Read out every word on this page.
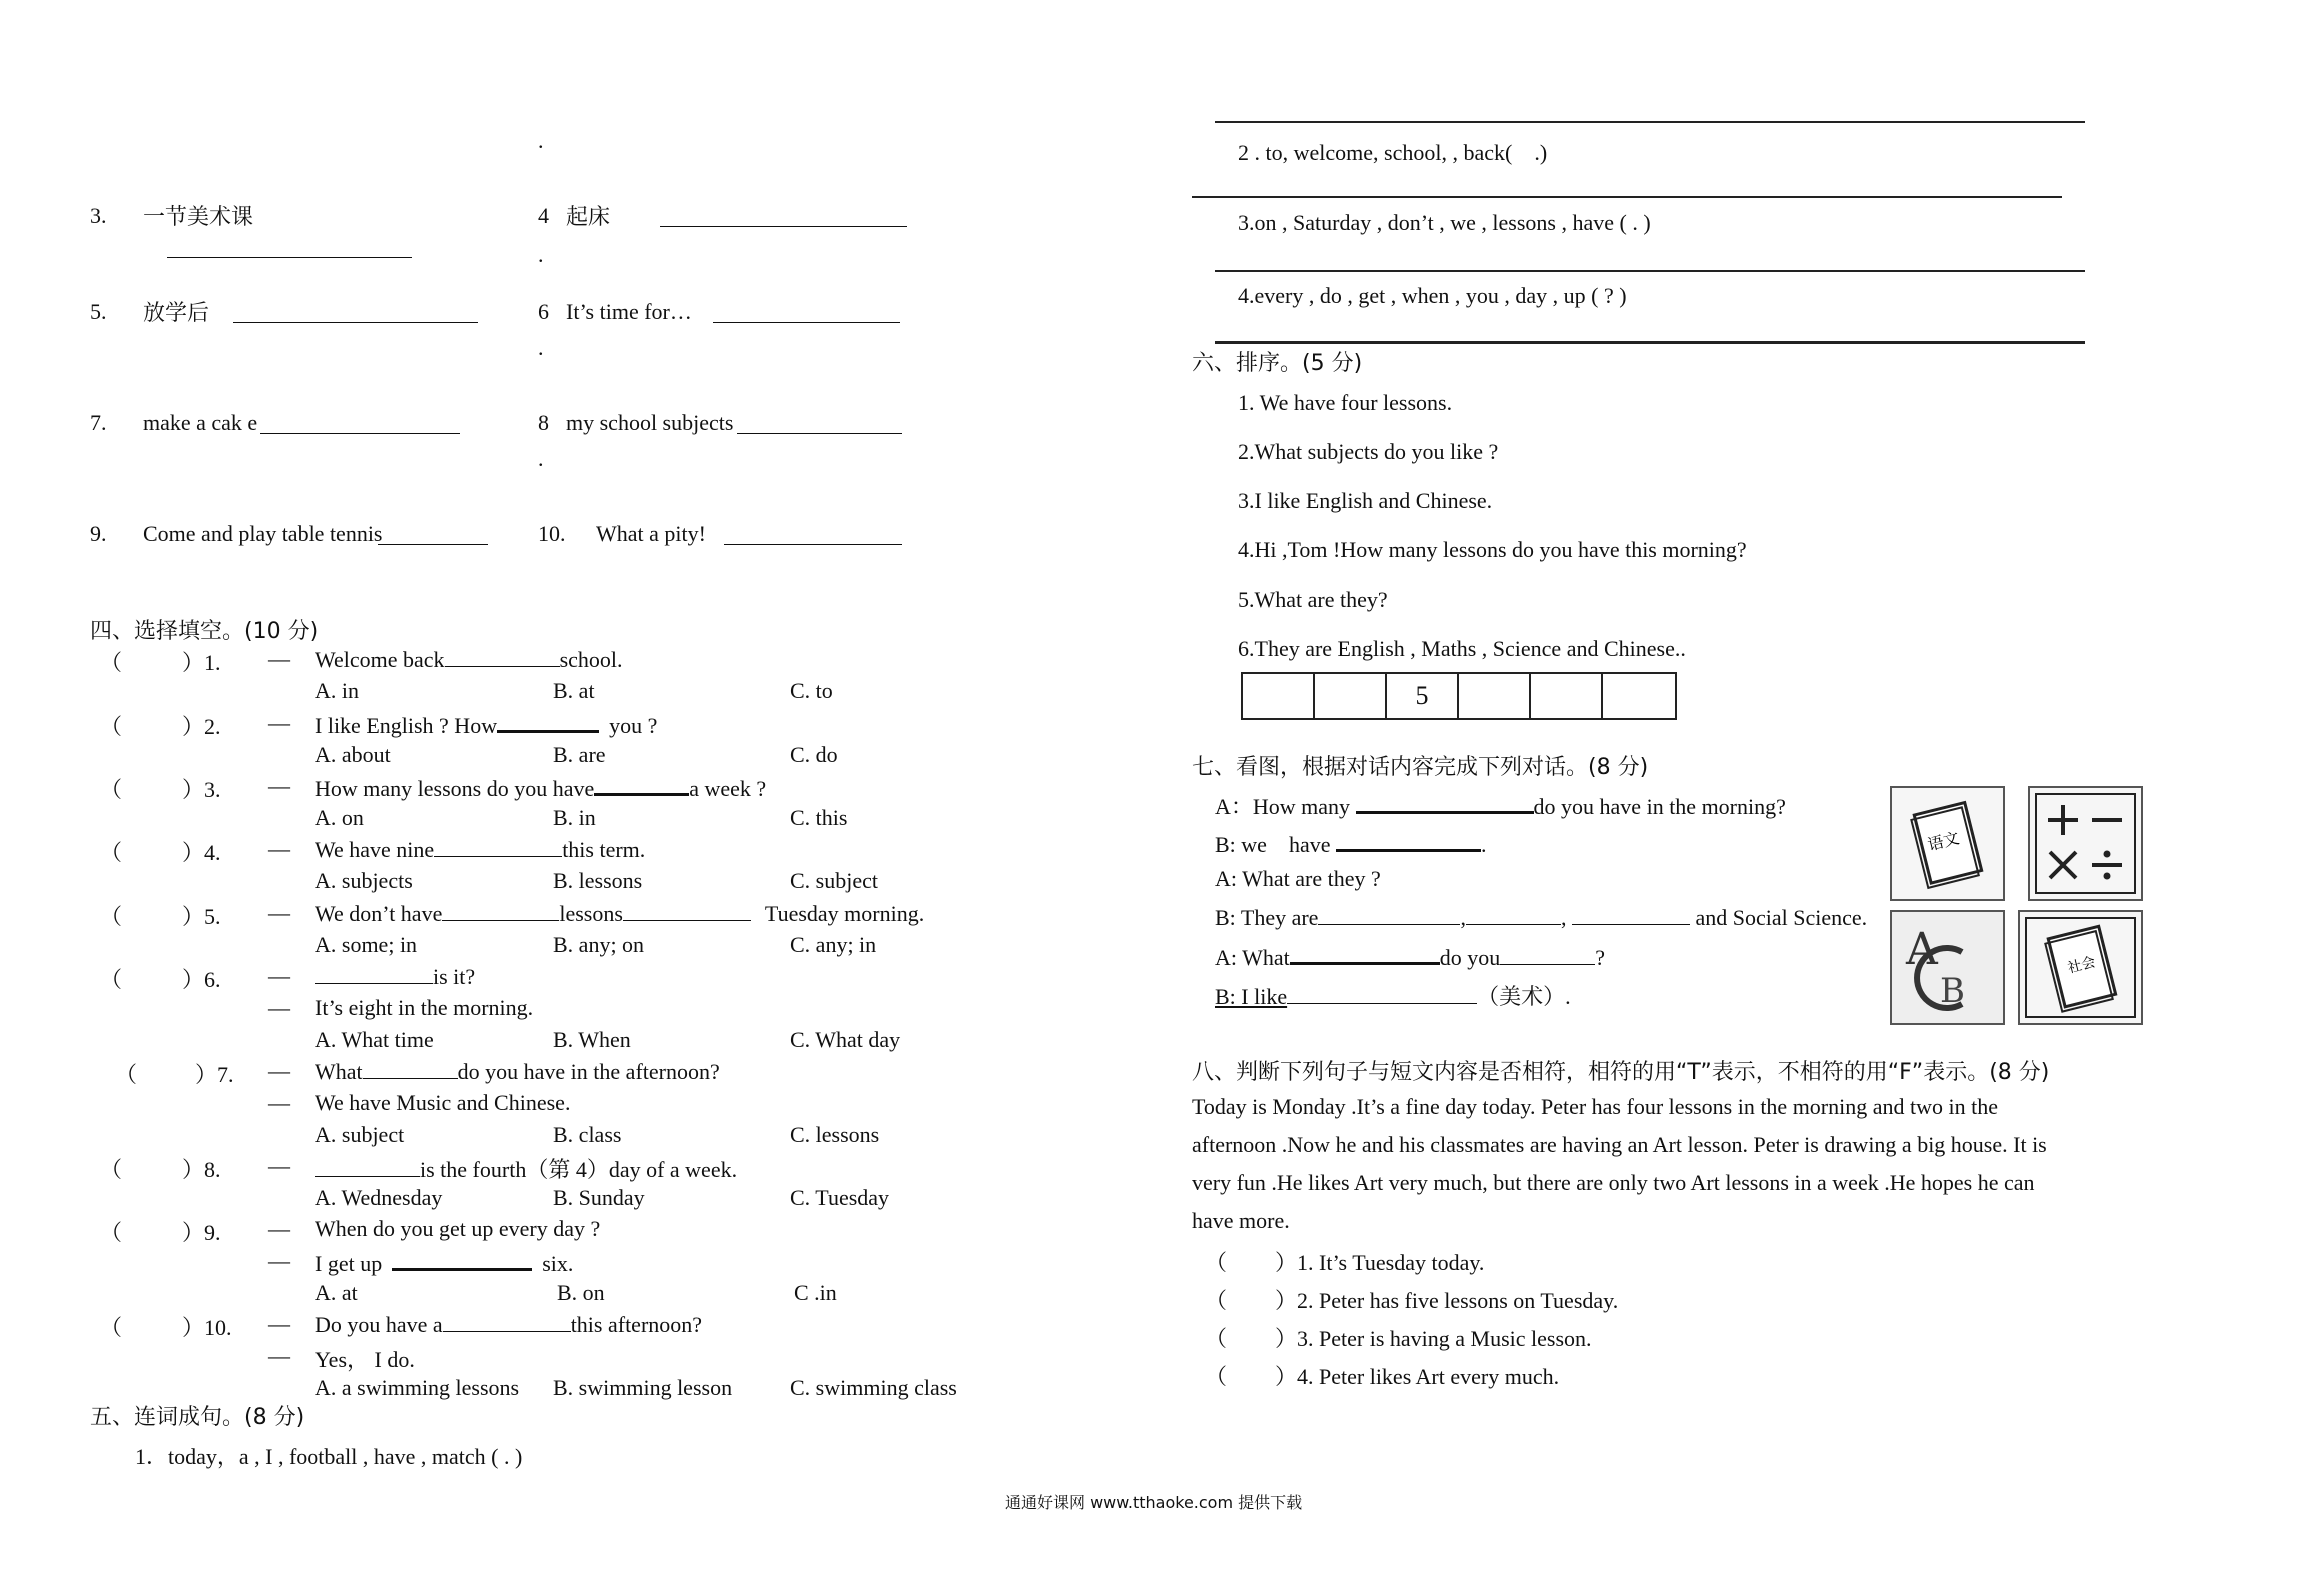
.
3. 一节美术课	4 起床
.
5. 放学后	6 It’s time for…
.
7. make a cak e	8 my school subjects
.
9. Come and play table tennis	10. What a pity!
四、选择填空。(10 分)
（	）1. — Welcome back	school.
A. in	B. at	C. to
（	）2. — I like English ? How	you ?
A. about	B. are	C. do
（	）3. — How many lessons do you have	a week ?
A. on	B. in	C. this
（	）4. — We have nine	this term.
A. subjects	B. lessons	C. subject
（	）5. — We don’t have	lessons	Tuesday morning.
A. some; in	B. any; on	C. any; in
（	）6. —	is it?
— It’s eight in the morning.
A. What time	B. When	C. What day
（	）7. — What	do you have in the afternoon?
— We have Music and Chinese.
A. subject	B. class	C. lessons
（	）8. —	is the fourth（第 4）day of a week.
A. Wednesday	B. Sunday	C. Tuesday
（	）9. — When do you get up every day ?
— I get up	six.
A. at	B. on	C .in
（	）10. — Do you have a	this afternoon?
— Yes， I do.
A. a swimming lessons B. swimming lesson	C. swimming class
五、连词成句。(8 分)
1．today，a , I , football , have , match ( . )
2 . to, welcome, school, , back(　.)
3.on , Saturday , don’t , we , lessons , have ( . )
4.every , do , get , when , you , day , up ( ? )
六、排序。(5 分)
1. We have four lessons.
2.What subjects do you like ?
3.I like English and Chinese.
4.Hi ,Tom !How many lessons do you have this morning?
5.What are they?
6.They are English , Maths , Science and Chinese..
5
七、看图，根据对话内容完成下列对话。(8 分)
A：How many	do you have in the morning?
B: we　have	.
A: What are they ?
B: They are	,	,	and Social Science.
A: What	do you	?
B: I like	（美术）.
语文
A
B
社会
八、判断下列句子与短文内容是否相符，相符的用“T”表示，不相符的用“F”表示。(8 分)
Today is Monday .It’s a fine day today. Peter has four lessons in the morning and two in the
afternoon .Now he and his classmates are having an Art lesson. Peter is drawing a big house. It is
very fun .He likes Art very much, but there are only two Art lessons in a week .He hopes he can
have more.
（ ）1. It’s Tuesday today.
（ ）2. Peter has five lessons on Tuesday.
（ ）3. Peter is having a Music lesson.
（ ）4. Peter likes Art every much.
通通好课网 www.tthaoke.com 提供下载
